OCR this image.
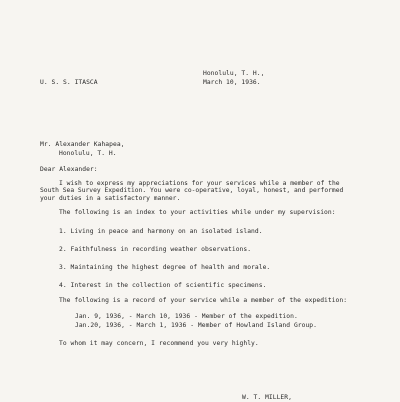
Honolulu, T. H.,
March 10, 1936.
U. S. S. ITASCA
Mr. Alexander Kahapea,
Honolulu, T. H.
Dear Alexander:
I wish to express my appreciations for your services while a member of the
South Sea Survey Expedition. You were co-operative, loyal, honest, and performed
your duties in a satisfactory manner.
The following is an index to your activities while under my supervision:
1. Living in peace and harmony on an isolated island.
2. Faithfulness in recording weather observations.
3. Maintaining the highest degree of health and morale.
4. Interest in the collection of scientific specimens.
The following is a record of your service while a member of the expedition:
Jan. 9, 1936, - March 10, 1936 - Member of the expedition.
Jan.20, 1936, - March 1, 1936 - Member of Howland Island Group.
To whom it may concern, I recommend you very highly.
W. T. MILLER,
